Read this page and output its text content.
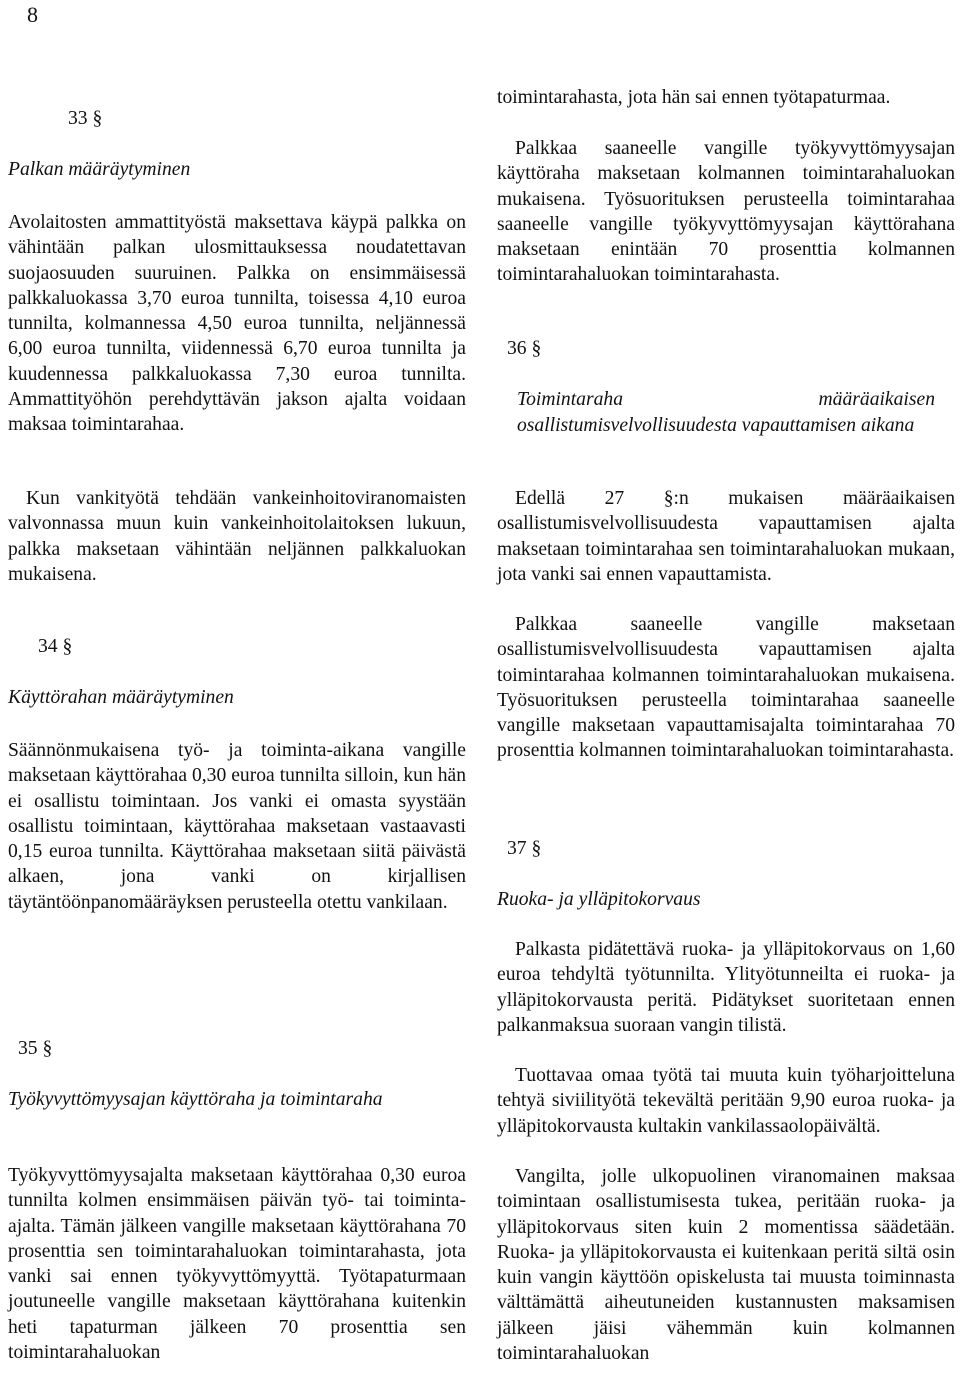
8

33 §

Palkan määräytyminen

Avolaitosten ammattityöstä maksettava käypä palkka on vähintään palkan ulosmittauksessa noudatettavan suojaosuuden suuruinen. Palkka on ensimmäisessä palkkaluokassa 3,70 euroa tunnilta, toisessa 4,10 euroa tunnilta, kolmannessa 4,50 euroa tunnilta, neljännessä 6,00 euroa tunnilta, viidennessä 6,70 euroa tunnilta ja kuudennessa palkkaluokassa 7,30 euroa tunnilta. Ammattityöhön perehdyttävän jakson ajalta voidaan maksaa toimintarahaa.

Kun vankityötä tehdään vankeinhoitoviranomaisten valvonnassa muun kuin vankeinhoitolaitoksen lukuun, palkka maksetaan vähintään neljännen palkkaluokan mukaisena.

34 §

Käyttörahan määräytyminen

Säännönmukaisena työ- ja toiminta-aikana vangille maksetaan käyttörahaa 0,30 euroa tunnilta silloin, kun hän ei osallistu toimintaan. Jos vanki ei omasta syystään osallistu toimintaan, käyttörahaa maksetaan vastaavasti 0,15 euroa tunnilta. Käyttörahaa maksetaan siitä päivästä alkaen, jona vanki on kirjallisen täytäntöönpanomääräyksen perusteella otettu vankilaan.

35 §

Työkyvyttömyysajan käyttöraha ja toimintaraha

Työkyvyttömyysajalta maksetaan käyttörahaa 0,30 euroa tunnilta kolmen ensimmäisen päivän työ- tai toiminta-ajalta. Tämän jälkeen vangille maksetaan käyttörahana 70 prosenttia sen toimintarahaluokan toimintarahasta, jota vanki sai ennen työkyvyttömyyttä. Työtapaturmaan joutuneelle vangille maksetaan käyttörahana kuitenkin heti tapaturman jälkeen 70 prosenttia sen toimintarahaluokan

toimintarahasta, jota hän sai ennen työtapaturmaa.

Palkkaa saaneelle vangille työkyvyttömyysajan käyttöraha maksetaan kolmannen toimintarahaluokan mukaisena. Työsuorituksen perusteella toimintarahaa saaneelle vangille työkyvyttömyysajan käyttörahana maksetaan enintään 70 prosenttia kolmannen toimintarahaluokan toimintarahasta.

36 §

Toimintaraha määräaikaisen osallistumisvelvollisuudesta vapauttamisen aikana

Edellä 27 §:n mukaisen määräaikaisen osallistumisvelvollisuudesta vapauttamisen ajalta maksetaan toimintarahaa sen toimintarahaluokan mukaan, jota vanki sai ennen vapauttamista.

Palkkaa saaneelle vangille maksetaan osallistumisvelvollisuudesta vapauttamisen ajalta toimintarahaa kolmannen toimintarahaluokan mukaisena. Työsuorituksen perusteella toimintarahaa saaneelle vangille maksetaan vapauttamisajalta toimintarahaa 70 prosenttia kolmannen toimintarahaluokan toimintarahasta.

37 §

Ruoka- ja ylläpitokorvaus

Palkasta pidätettävä ruoka- ja ylläpitokorvaus on 1,60 euroa tehdyltä työtunnilta. Ylityötunneilta ei ruoka- ja ylläpitokorvausta peritä. Pidätykset suoritetaan ennen palkanmaksua suoraan vangin tilistä.

Tuottavaa omaa työtä tai muuta kuin työharjoitteluna tehtyä siviilityötä tekevältä peritään 9,90 euroa ruoka- ja ylläpitokorvausta kultakin vankilassaolopäivältä.

Vangilta, jolle ulkopuolinen viranomainen maksaa toimintaan osallistumisesta tukea, peritään ruoka- ja ylläpitokorvaus siten kuin 2 momentissa säädetään. Ruoka- ja ylläpitokorvausta ei kuitenkaan peritä siltä osin kuin vangin käyttöön opiskelusta tai muusta toiminnasta välttämättä aiheutuneiden kustannusten maksamisen jälkeen jäisi vähemmän kuin kolmannen toimintarahaluokan
